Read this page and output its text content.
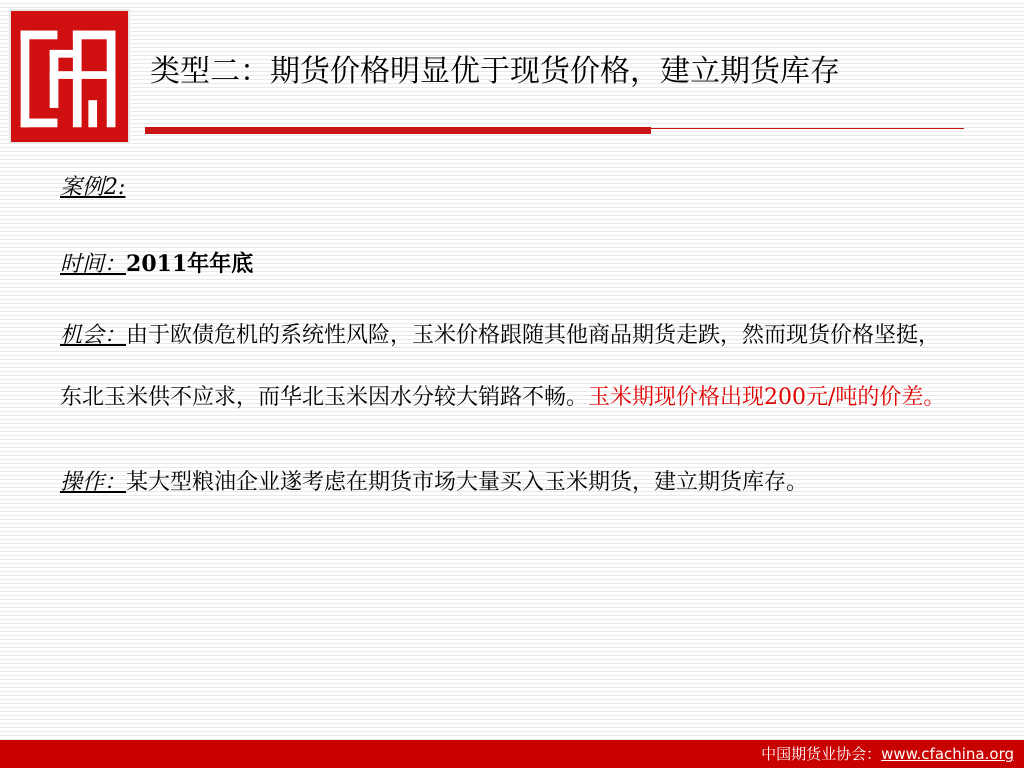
类型二：期货价格明显优于现货价格，建立期货库存

案例2:

时间：2011年年底

机会：由于欧债危机的系统性风险，玉米价格跟随其他商品期货走跌，然而现货价格坚挺，东北玉米供不应求，而华北玉米因水分较大销路不畅。玉米期现价格出现200元/吨的价差。

操作：某大型粮油企业遂考虑在期货市场大量买入玉米期货，建立期货库存。

中国期货业协会：www.cfachina.org
